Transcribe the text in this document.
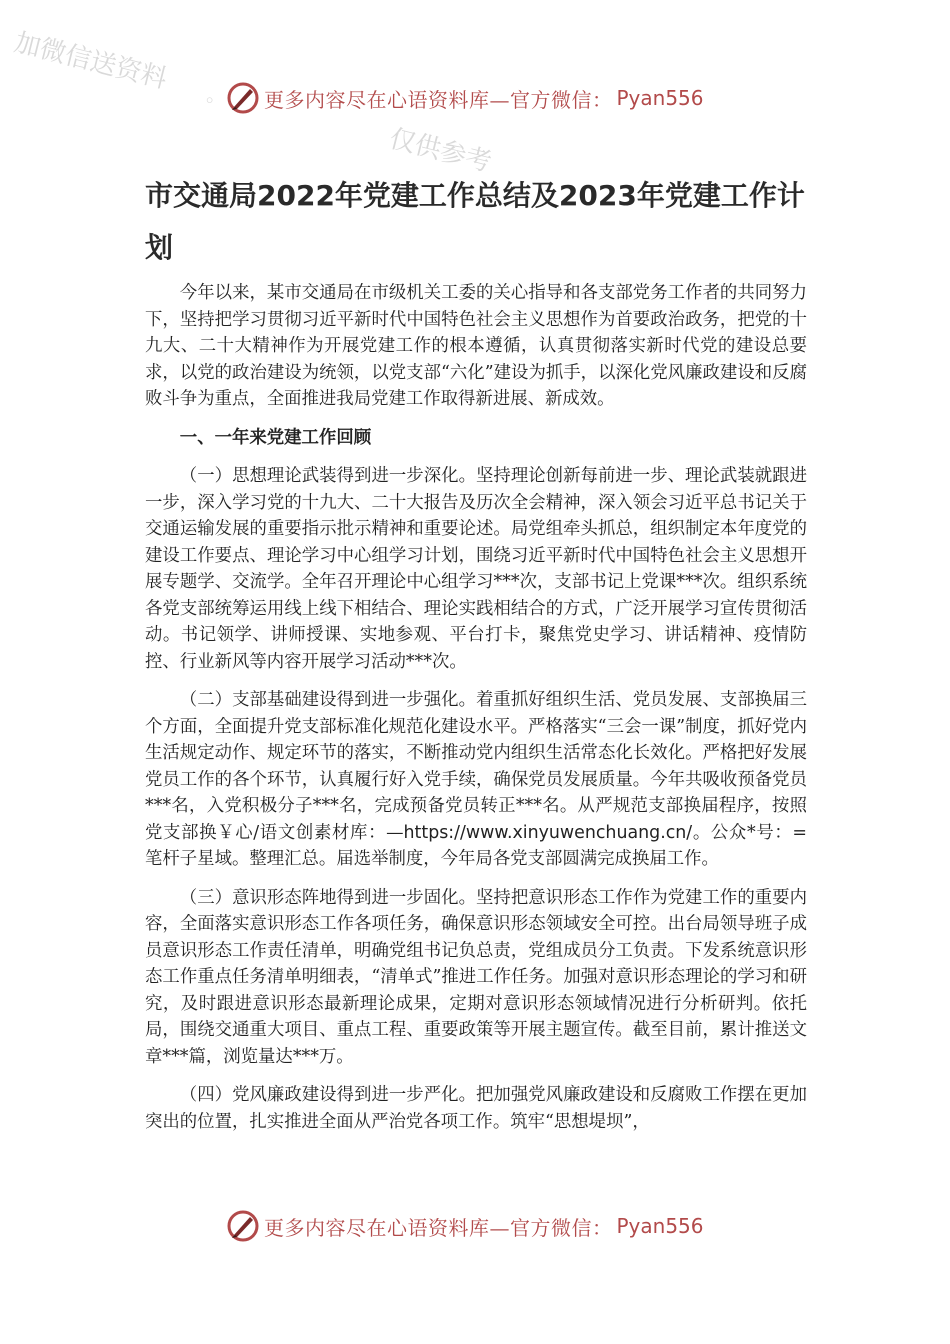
加微信送资料
仅供参考
。 更多内容尽在心语资料库—官方微信： Pyan556
市交通局2022年党建工作总结及2023年党建工作计划

今年以来，某市交通局在市级机关工委的关心指导和各支部党务工作者的共同努力下，坚持把学习贯彻习近平新时代中国特色社会主义思想作为首要政治政务，把党的十九大、二十大精神作为开展党建工作的根本遵循，认真贯彻落实新时代党的建设总要求，以党的政治建设为统领，以党支部“六化”建设为抓手，以深化党风廉政建设和反腐败斗争为重点，全面推进我局党建工作取得新进展、新成效。

一、一年来党建工作回顾

（一）思想理论武装得到进一步深化。坚持理论创新每前进一步、理论武装就跟进一步，深入学习党的十九大、二十大报告及历次全会精神，深入领会习近平总书记关于交通运输发展的重要指示批示精神和重要论述。局党组牵头抓总，组织制定本年度党的建设工作要点、理论学习中心组学习计划，围绕习近平新时代中国特色社会主义思想开展专题学、交流学。全年召开理论中心组学习***次，支部书记上党课***次。组织系统各党支部统筹运用线上线下相结合、理论实践相结合的方式，广泛开展学习宣传贯彻活动。书记领学、讲师授课、实地参观、平台打卡，聚焦党史学习、讲话精神、疫情防控、行业新风等内容开展学习活动***次。

（二）支部基础建设得到进一步强化。着重抓好组织生活、党员发展、支部换届三个方面，全面提升党支部标准化规范化建设水平。严格落实“三会一课”制度，抓好党内生活规定动作、规定环节的落实，不断推动党内组织生活常态化长效化。严格把好发展党员工作的各个环节，认真履行好入党手续，确保党员发展质量。今年共吸收预备党员***名，入党积极分子***名，完成预备党员转正***名。从严规范支部换届程序，按照党支部换￥心/语文创素材库：—https://www.xinyuwenchuang.cn/。公众*号：=笔杆子星域。整理汇总。届选举制度，今年局各党支部圆满完成换届工作。

（三）意识形态阵地得到进一步固化。坚持把意识形态工作作为党建工作的重要内容，全面落实意识形态工作各项任务，确保意识形态领域安全可控。出台局领导班子成员意识形态工作责任清单，明确党组书记负总责，党组成员分工负责。下发系统意识形态工作重点任务清单明细表，“清单式”推进工作任务。加强对意识形态理论的学习和研究，及时跟进意识形态最新理论成果，定期对意识形态领域情况进行分析研判。依托局，围绕交通重大项目、重点工程、重要政策等开展主题宣传。截至目前，累计推送文章***篇，浏览量达***万。

（四）党风廉政建设得到进一步严化。把加强党风廉政建设和反腐败工作摆在更加突出的位置，扎实推进全面从严治党各项工作。筑牢“思想堤坝”，

更多内容尽在心语资料库—官方微信： Pyan556
